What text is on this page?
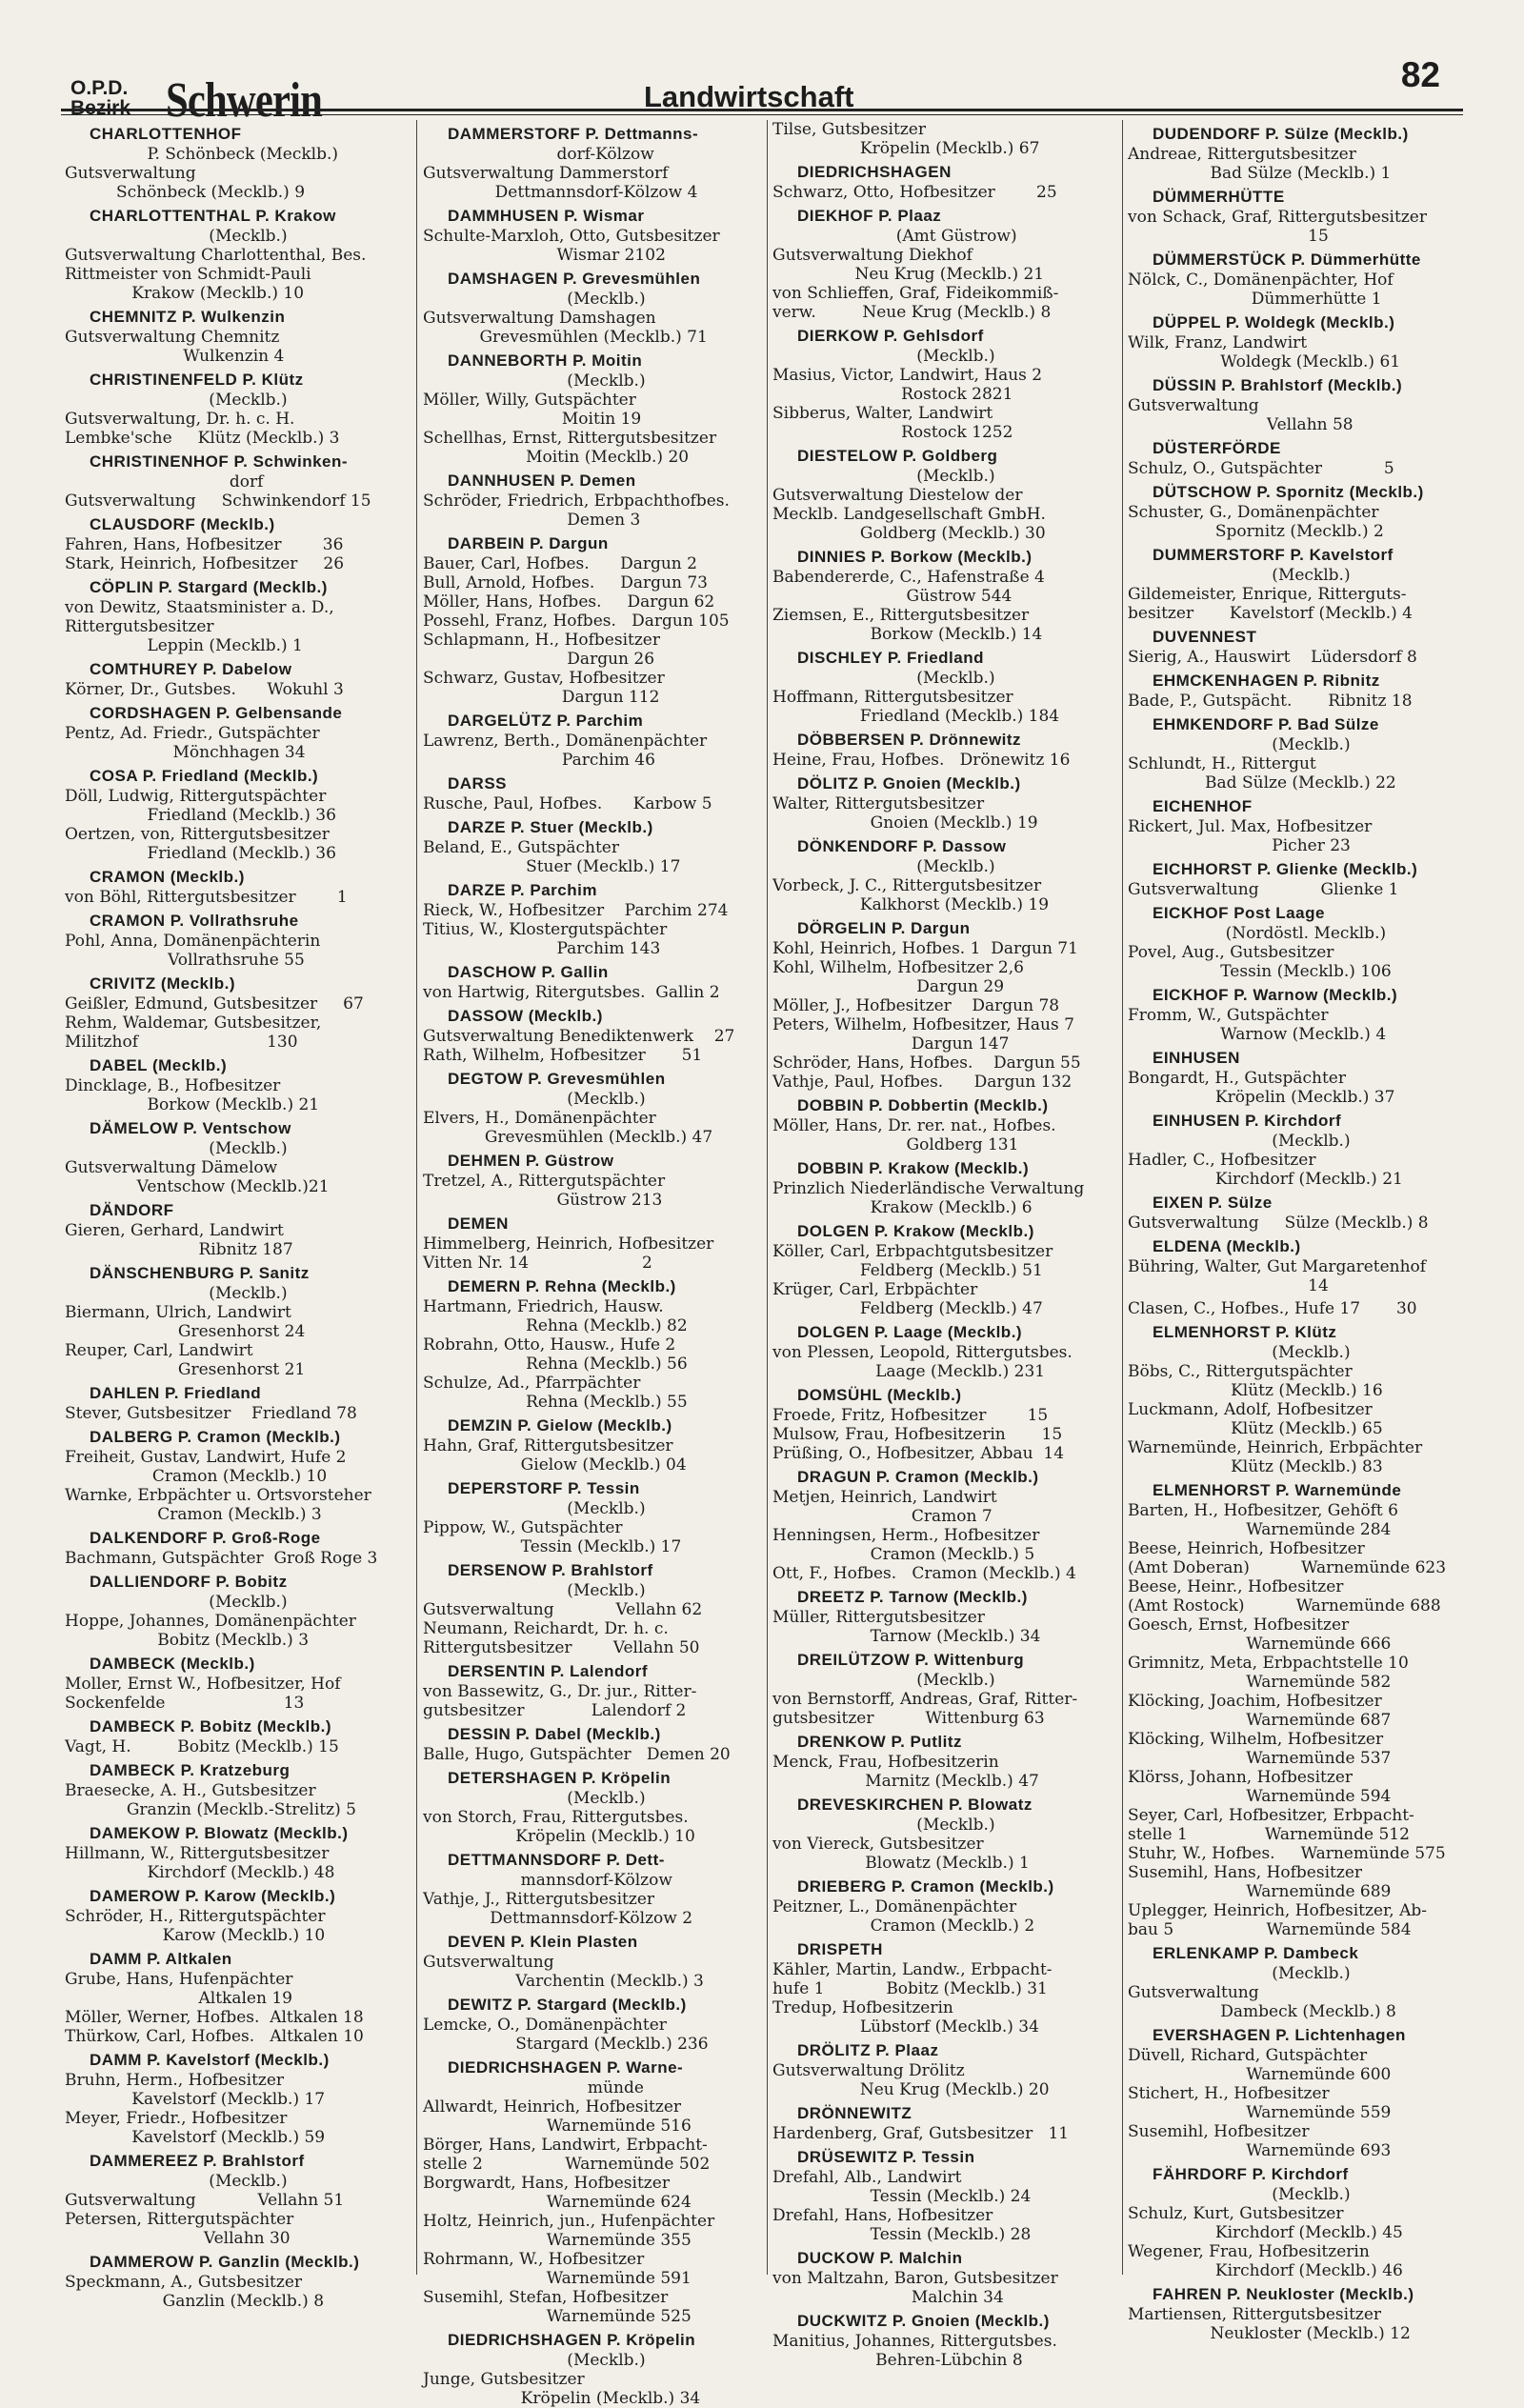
O.P.D.
Bezirk Schwerin	Landwirtschaft
82
CHARLOTTENHOF
P. Schönbeck (Mecklb.)
Gutsverwaltung
Schönbeck (Mecklb.) 9
CHARLOTTENTHAL P. Krakow
(Mecklb.)
Gutsverwaltung Charlottenthal, Bes.
Rittmeister von Schmidt-Pauli
Krakow (Mecklb.) 10
CHEMNITZ P. Wulkenzin
Gutsverwaltung Chemnitz
Wulkenzin 4
CHRISTINENFELD P. Klütz
(Mecklb.)
Gutsverwaltung, Dr. h. c. H.
Lembke'sche     Klütz (Mecklb.) 3
CHRISTINENHOF P. Schwinken-
dorf
Gutsverwaltung     Schwinkendorf 15
CLAUSDORF (Mecklb.)
Fahren, Hans, Hofbesitzer        36
Stark, Heinrich, Hofbesitzer     26
CÖPLIN P. Stargard (Mecklb.)
von Dewitz, Staatsminister a. D.,
Rittergutsbesitzer
Leppin (Mecklb.) 1
COMTHUREY P. Dabelow
Körner, Dr., Gutsbes.      Wokuhl 3
CORDSHAGEN P. Gelbensande
Pentz, Ad. Friedr., Gutspächter
Mönchhagen 34
COSA P. Friedland (Mecklb.)
Döll, Ludwig, Rittergutspächter
Friedland (Mecklb.) 36
Oertzen, von, Rittergutsbesitzer
Friedland (Mecklb.) 36
CRAMON (Mecklb.)
von Böhl, Rittergutsbesitzer        1
CRAMON P. Vollrathsruhe
Pohl, Anna, Domänenpächterin
Vollrathsruhe 55
CRIVITZ (Mecklb.)
Geißler, Edmund, Gutsbesitzer     67
Rehm, Waldemar, Gutsbesitzer,
Militzhof                         130
DABEL (Mecklb.)
Dincklage, B., Hofbesitzer
Borkow (Mecklb.) 21
DÄMELOW P. Ventschow
(Mecklb.)
Gutsverwaltung Dämelow
Ventschow (Mecklb.)21
DÄNDORF
Gieren, Gerhard, Landwirt
Ribnitz 187
DÄNSCHENBURG P. Sanitz
(Mecklb.)
Biermann, Ulrich, Landwirt
Gresenhorst 24
Reuper, Carl, Landwirt
Gresenhorst 21
DAHLEN P. Friedland
Stever, Gutsbesitzer    Friedland 78
DALBERG P. Cramon (Mecklb.)
Freiheit, Gustav, Landwirt, Hufe 2
Cramon (Mecklb.) 10
Warnke, Erbpächter u. Ortsvorsteher
Cramon (Mecklb.) 3
DALKENDORF P. Groß-Roge
Bachmann, Gutspächter  Groß Roge 3
DALLIENDORF P. Bobitz
(Mecklb.)
Hoppe, Johannes, Domänenpächter
Bobitz (Mecklb.) 3
DAMBECK (Mecklb.)
Moller, Ernst W., Hofbesitzer, Hof
Sockenfelde                       13
DAMBECK P. Bobitz (Mecklb.)
Vagt, H.         Bobitz (Mecklb.) 15
DAMBECK P. Kratzeburg
Braesecke, A. H., Gutsbesitzer
Granzin (Mecklb.-Strelitz) 5
DAMEKOW P. Blowatz (Mecklb.)
Hillmann, W., Rittergutsbesitzer
Kirchdorf (Mecklb.) 48
DAMEROW P. Karow (Mecklb.)
Schröder, H., Rittergutspächter
Karow (Mecklb.) 10
DAMM P. Altkalen
Grube, Hans, Hufenpächter
Altkalen 19
Möller, Werner, Hofbes.  Altkalen 18
Thürkow, Carl, Hofbes.   Altkalen 10
DAMM P. Kavelstorf (Mecklb.)
Bruhn, Herm., Hofbesitzer
Kavelstorf (Mecklb.) 17
Meyer, Friedr., Hofbesitzer
Kavelstorf (Mecklb.) 59
DAMMEREEZ P. Brahlstorf
(Mecklb.)
Gutsverwaltung            Vellahn 51
Petersen, Rittergutspächter
Vellahn 30
DAMMEROW P. Ganzlin (Mecklb.)
Speckmann, A., Gutsbesitzer
Ganzlin (Mecklb.) 8
DAMMERSTORF P. Dettmanns-
dorf-Kölzow
Gutsverwaltung Dammerstorf
Dettmannsdorf-Kölzow 4
DAMMHUSEN P. Wismar
Schulte-Marxloh, Otto, Gutsbesitzer
Wismar 2102
DAMSHAGEN P. Grevesmühlen
(Mecklb.)
Gutsverwaltung Damshagen
Grevesmühlen (Mecklb.) 71
DANNEBORTH P. Moitin
(Mecklb.)
Möller, Willy, Gutspächter
Moitin 19
Schellhas, Ernst, Rittergutsbesitzer
Moitin (Mecklb.) 20
DANNHUSEN P. Demen
Schröder, Friedrich, Erbpachthofbes.
Demen 3
DARBEIN P. Dargun
Bauer, Carl, Hofbes.      Dargun 2
Bull, Arnold, Hofbes.     Dargun 73
Möller, Hans, Hofbes.     Dargun 62
Possehl, Franz, Hofbes.   Dargun 105
Schlapmann, H., Hofbesitzer
Dargun 26
Schwarz, Gustav, Hofbesitzer
Dargun 112
DARGELÜTZ P. Parchim
Lawrenz, Berth., Domänenpächter
Parchim 46
DARSS
Rusche, Paul, Hofbes.      Karbow 5
DARZE P. Stuer (Mecklb.)
Beland, E., Gutspächter
Stuer (Mecklb.) 17
DARZE P. Parchim
Rieck, W., Hofbesitzer    Parchim 274
Titius, W., Klostergutspächter
Parchim 143
DASCHOW P. Gallin
von Hartwig, Ritergutsbes.  Gallin 2
DASSOW (Mecklb.)
Gutsverwaltung Benediktenwerk    27
Rath, Wilhelm, Hofbesitzer       51
DEGTOW P. Grevesmühlen
(Mecklb.)
Elvers, H., Domänenpächter
Grevesmühlen (Mecklb.) 47
DEHMEN P. Güstrow
Tretzel, A., Rittergutspächter
Güstrow 213
DEMEN
Himmelberg, Heinrich, Hofbesitzer
Vitten Nr. 14                      2
DEMERN P. Rehna (Mecklb.)
Hartmann, Friedrich, Hausw.
Rehna (Mecklb.) 82
Robrahn, Otto, Hausw., Hufe 2
Rehna (Mecklb.) 56
Schulze, Ad., Pfarrpächter
Rehna (Mecklb.) 55
DEMZIN P. Gielow (Mecklb.)
Hahn, Graf, Rittergutsbesitzer
Gielow (Mecklb.) 04
DEPERSTORF P. Tessin
(Mecklb.)
Pippow, W., Gutspächter
Tessin (Mecklb.) 17
DERSENOW P. Brahlstorf
(Mecklb.)
Gutsverwaltung            Vellahn 62
Neumann, Reichardt, Dr. h. c.
Rittergutsbesitzer        Vellahn 50
DERSENTIN P. Lalendorf
von Bassewitz, G., Dr. jur., Ritter-
gutsbesitzer             Lalendorf 2
DESSIN P. Dabel (Mecklb.)
Balle, Hugo, Gutspächter   Demen 20
DETERSHAGEN P. Kröpelin
(Mecklb.)
von Storch, Frau, Rittergutsbes.
Kröpelin (Mecklb.) 10
DETTMANNSDORF P. Dett-
mannsdorf-Kölzow
Vathje, J., Rittergutsbesitzer
Dettmannsdorf-Kölzow 2
DEVEN P. Klein Plasten
Gutsverwaltung
Varchentin (Mecklb.) 3
DEWITZ P. Stargard (Mecklb.)
Lemcke, O., Domänenpächter
Stargard (Mecklb.) 236
DIEDRICHSHAGEN P. Warne-
münde
Allwardt, Heinrich, Hofbesitzer
Warnemünde 516
Börger, Hans, Landwirt, Erbpacht-
stelle 2                Warnemünde 502
Borgwardt, Hans, Hofbesitzer
Warnemünde 624
Holtz, Heinrich, jun., Hufenpächter
Warnemünde 355
Rohrmann, W., Hofbesitzer
Warnemünde 591
Susemihl, Stefan, Hofbesitzer
Warnemünde 525
DIEDRICHSHAGEN P. Kröpelin
(Mecklb.)
Junge, Gutsbesitzer
Kröpelin (Mecklb.) 34
Tilse, Gutsbesitzer
Kröpelin (Mecklb.) 67
DIEDRICHSHAGEN
Schwarz, Otto, Hofbesitzer        25
DIEKHOF P. Plaaz
(Amt Güstrow)
Gutsverwaltung Diekhof
Neu Krug (Mecklb.) 21
von Schlieffen, Graf, Fideikommiß-
verw.         Neue Krug (Mecklb.) 8
DIERKOW P. Gehlsdorf
(Mecklb.)
Masius, Victor, Landwirt, Haus 2
Rostock 2821
Sibberus, Walter, Landwirt
Rostock 1252
DIESTELOW P. Goldberg
(Mecklb.)
Gutsverwaltung Diestelow der
Mecklb. Landgesellschaft GmbH.
Goldberg (Mecklb.) 30
DINNIES P. Borkow (Mecklb.)
Babendererde, C., Hafenstraße 4
Güstrow 544
Ziemsen, E., Rittergutsbesitzer
Borkow (Mecklb.) 14
DISCHLEY P. Friedland
(Mecklb.)
Hoffmann, Rittergutsbesitzer
Friedland (Mecklb.) 184
DÖBBERSEN P. Drönnewitz
Heine, Frau, Hofbes.   Drönewitz 16
DÖLITZ P. Gnoien (Mecklb.)
Walter, Rittergutsbesitzer
Gnoien (Mecklb.) 19
DÖNKENDORF P. Dassow
(Mecklb.)
Vorbeck, J. C., Rittergutsbesitzer
Kalkhorst (Mecklb.) 19
DÖRGELIN P. Dargun
Kohl, Heinrich, Hofbes. 1  Dargun 71
Kohl, Wilhelm, Hofbesitzer 2,6
Dargun 29
Möller, J., Hofbesitzer    Dargun 78
Peters, Wilhelm, Hofbesitzer, Haus 7
Dargun 147
Schröder, Hans, Hofbes.    Dargun 55
Vathje, Paul, Hofbes.      Dargun 132
DOBBIN P. Dobbertin (Mecklb.)
Möller, Hans, Dr. rer. nat., Hofbes.
Goldberg 131
DOBBIN P. Krakow (Mecklb.)
Prinzlich Niederländische Verwaltung
Krakow (Mecklb.) 6
DOLGEN P. Krakow (Mecklb.)
Köller, Carl, Erbpachtgutsbesitzer
Feldberg (Mecklb.) 51
Krüger, Carl, Erbpächter
Feldberg (Mecklb.) 47
DOLGEN P. Laage (Mecklb.)
von Plessen, Leopold, Rittergutsbes.
Laage (Mecklb.) 231
DOMSÜHL (Mecklb.)
Froede, Fritz, Hofbesitzer        15
Mulsow, Frau, Hofbesitzerin       15
Prüßing, O., Hofbesitzer, Abbau  14
DRAGUN P. Cramon (Mecklb.)
Metjen, Heinrich, Landwirt
Cramon 7
Henningsen, Herm., Hofbesitzer
Cramon (Mecklb.) 5
Ott, F., Hofbes.   Cramon (Mecklb.) 4
DREETZ P. Tarnow (Mecklb.)
Müller, Rittergutsbesitzer
Tarnow (Mecklb.) 34
DREILÜTZOW P. Wittenburg
(Mecklb.)
von Bernstorff, Andreas, Graf, Ritter-
gutsbesitzer          Wittenburg 63
DRENKOW P. Putlitz
Menck, Frau, Hofbesitzerin
Marnitz (Mecklb.) 47
DREVESKIRCHEN P. Blowatz
(Mecklb.)
von Viereck, Gutsbesitzer
Blowatz (Mecklb.) 1
DRIEBERG P. Cramon (Mecklb.)
Peitzner, L., Domänenpächter
Cramon (Mecklb.) 2
DRISPETH
Kähler, Martin, Landw., Erbpacht-
hufe 1            Bobitz (Mecklb.) 31
Tredup, Hofbesitzerin
Lübstorf (Mecklb.) 34
DRÖLITZ P. Plaaz
Gutsverwaltung Drölitz
Neu Krug (Mecklb.) 20
DRÖNNEWITZ
Hardenberg, Graf, Gutsbesitzer   11
DRÜSEWITZ P. Tessin
Drefahl, Alb., Landwirt
Tessin (Mecklb.) 24
Drefahl, Hans, Hofbesitzer
Tessin (Mecklb.) 28
DUCKOW P. Malchin
von Maltzahn, Baron, Gutsbesitzer
Malchin 34
DUCKWITZ P. Gnoien (Mecklb.)
Manitius, Johannes, Rittergutsbes.
Behren-Lübchin 8
DUDENDORF P. Sülze (Mecklb.)
Andreae, Rittergutsbesitzer
Bad Sülze (Mecklb.) 1
DÜMMERHÜTTE
von Schack, Graf, Rittergutsbesitzer
15
DÜMMERSTÜCK P. Dümmerhütte
Nölck, C., Domänenpächter, Hof
Dümmerhütte 1
DÜPPEL P. Woldegk (Mecklb.)
Wilk, Franz, Landwirt
Woldegk (Mecklb.) 61
DÜSSIN P. Brahlstorf (Mecklb.)
Gutsverwaltung
Vellahn 58
DÜSTERFÖRDE
Schulz, O., Gutspächter            5
DÜTSCHOW P. Spornitz (Mecklb.)
Schuster, G., Domänenpächter
Spornitz (Mecklb.) 2
DUMMERSTORF P. Kavelstorf
(Mecklb.)
Gildemeister, Enrique, Ritterguts-
besitzer       Kavelstorf (Mecklb.) 4
DUVENNEST
Sierig, A., Hauswirt    Lüdersdorf 8
EHMCKENHAGEN P. Ribnitz
Bade, P., Gutspächt.       Ribnitz 18
EHMKENDORF P. Bad Sülze
(Mecklb.)
Schlundt, H., Rittergut
Bad Sülze (Mecklb.) 22
EICHENHOF
Rickert, Jul. Max, Hofbesitzer
Picher 23
EICHHORST P. Glienke (Mecklb.)
Gutsverwaltung            Glienke 1
EICKHOF Post Laage
(Nordöstl. Mecklb.)
Povel, Aug., Gutsbesitzer
Tessin (Mecklb.) 106
EICKHOF P. Warnow (Mecklb.)
Fromm, W., Gutspächter
Warnow (Mecklb.) 4
EINHUSEN
Bongardt, H., Gutspächter
Kröpelin (Mecklb.) 37
EINHUSEN P. Kirchdorf
(Mecklb.)
Hadler, C., Hofbesitzer
Kirchdorf (Mecklb.) 21
EIXEN P. Sülze
Gutsverwaltung     Sülze (Mecklb.) 8
ELDENA (Mecklb.)
Bühring, Walter, Gut Margaretenhof
14
Clasen, C., Hofbes., Hufe 17       30
ELMENHORST P. Klütz
(Mecklb.)
Böbs, C., Rittergutspächter
Klütz (Mecklb.) 16
Luckmann, Adolf, Hofbesitzer
Klütz (Mecklb.) 65
Warnemünde, Heinrich, Erbpächter
Klütz (Mecklb.) 83
ELMENHORST P. Warnemünde
Barten, H., Hofbesitzer, Gehöft 6
Warnemünde 284
Beese, Heinrich, Hofbesitzer
(Amt Doberan)          Warnemünde 623
Beese, Heinr., Hofbesitzer
(Amt Rostock)          Warnemünde 688
Goesch, Ernst, Hofbesitzer
Warnemünde 666
Grimnitz, Meta, Erbpachtstelle 10
Warnemünde 582
Klöcking, Joachim, Hofbesitzer
Warnemünde 687
Klöcking, Wilhelm, Hofbesitzer
Warnemünde 537
Klörss, Johann, Hofbesitzer
Warnemünde 594
Seyer, Carl, Hofbesitzer, Erbpacht-
stelle 1               Warnemünde 512
Stuhr, W., Hofbes.     Warnemünde 575
Susemihl, Hans, Hofbesitzer
Warnemünde 689
Uplegger, Heinrich, Hofbesitzer, Ab-
bau 5                  Warnemünde 584
ERLENKAMP P. Dambeck
(Mecklb.)
Gutsverwaltung
Dambeck (Mecklb.) 8
EVERSHAGEN P. Lichtenhagen
Düvell, Richard, Gutspächter
Warnemünde 600
Stichert, H., Hofbesitzer
Warnemünde 559
Susemihl, Hofbesitzer
Warnemünde 693
FÄHRDORF P. Kirchdorf
(Mecklb.)
Schulz, Kurt, Gutsbesitzer
Kirchdorf (Mecklb.) 45
Wegener, Frau, Hofbesitzerin
Kirchdorf (Mecklb.) 46
FAHREN P. Neukloster (Mecklb.)
Martiensen, Rittergutsbesitzer
Neukloster (Mecklb.) 12
